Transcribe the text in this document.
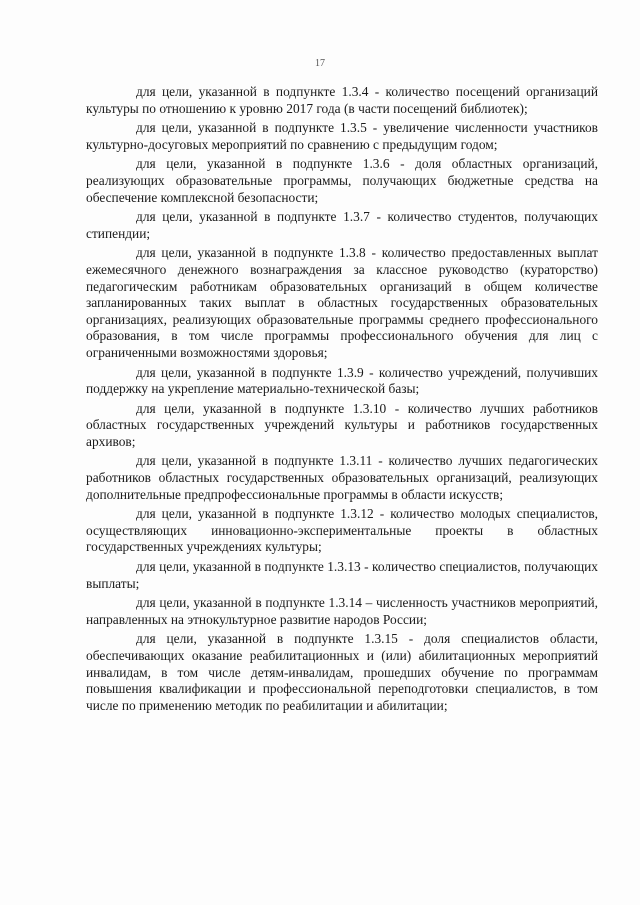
17

для цели, указанной в подпункте 1.3.4 - количество посещений организаций культуры по отношению к уровню 2017 года (в части посещений библиотек);

для цели, указанной в подпункте 1.3.5 - увеличение численности участников культурно-досуговых мероприятий по сравнению с предыдущим годом;

для цели, указанной в подпункте 1.3.6 - доля областных организаций, реализующих образовательные программы, получающих бюджетные средства на обеспечение комплексной безопасности;

для цели, указанной в подпункте 1.3.7 - количество студентов, получающих стипендии;

для цели, указанной в подпункте 1.3.8 - количество предоставленных выплат ежемесячного денежного вознаграждения за классное руководство (кураторство) педагогическим работникам образовательных организаций в общем количестве запланированных таких выплат в областных государственных образовательных организациях, реализующих образовательные программы среднего профессионального образования, в том числе программы профессионального обучения для лиц с ограниченными возможностями здоровья;

для цели, указанной в подпункте 1.3.9 - количество учреждений, получивших поддержку на укрепление материально-технической базы;

для цели, указанной в подпункте 1.3.10 - количество лучших работников областных государственных учреждений культуры и работников государственных архивов;

для цели, указанной в подпункте 1.3.11 - количество лучших педагогических работников областных государственных образовательных организаций, реализующих дополнительные предпрофессиональные программы в области искусств;

для цели, указанной в подпункте 1.3.12 - количество молодых специалистов, осуществляющих инновационно-экспериментальные проекты в областных государственных учреждениях культуры;

для цели, указанной в подпункте 1.3.13 - количество специалистов, получающих выплаты;

для цели, указанной в подпункте 1.3.14 – численность участников мероприятий, направленных на этнокультурное развитие народов России;

для цели, указанной в подпункте 1.3.15 - доля специалистов области, обеспечивающих оказание реабилитационных и (или) абилитационных мероприятий инвалидам, в том числе детям-инвалидам, прошедших обучение по программам повышения квалификации и профессиональной переподготовки специалистов, в том числе по применению методик по реабилитации и абилитации;
